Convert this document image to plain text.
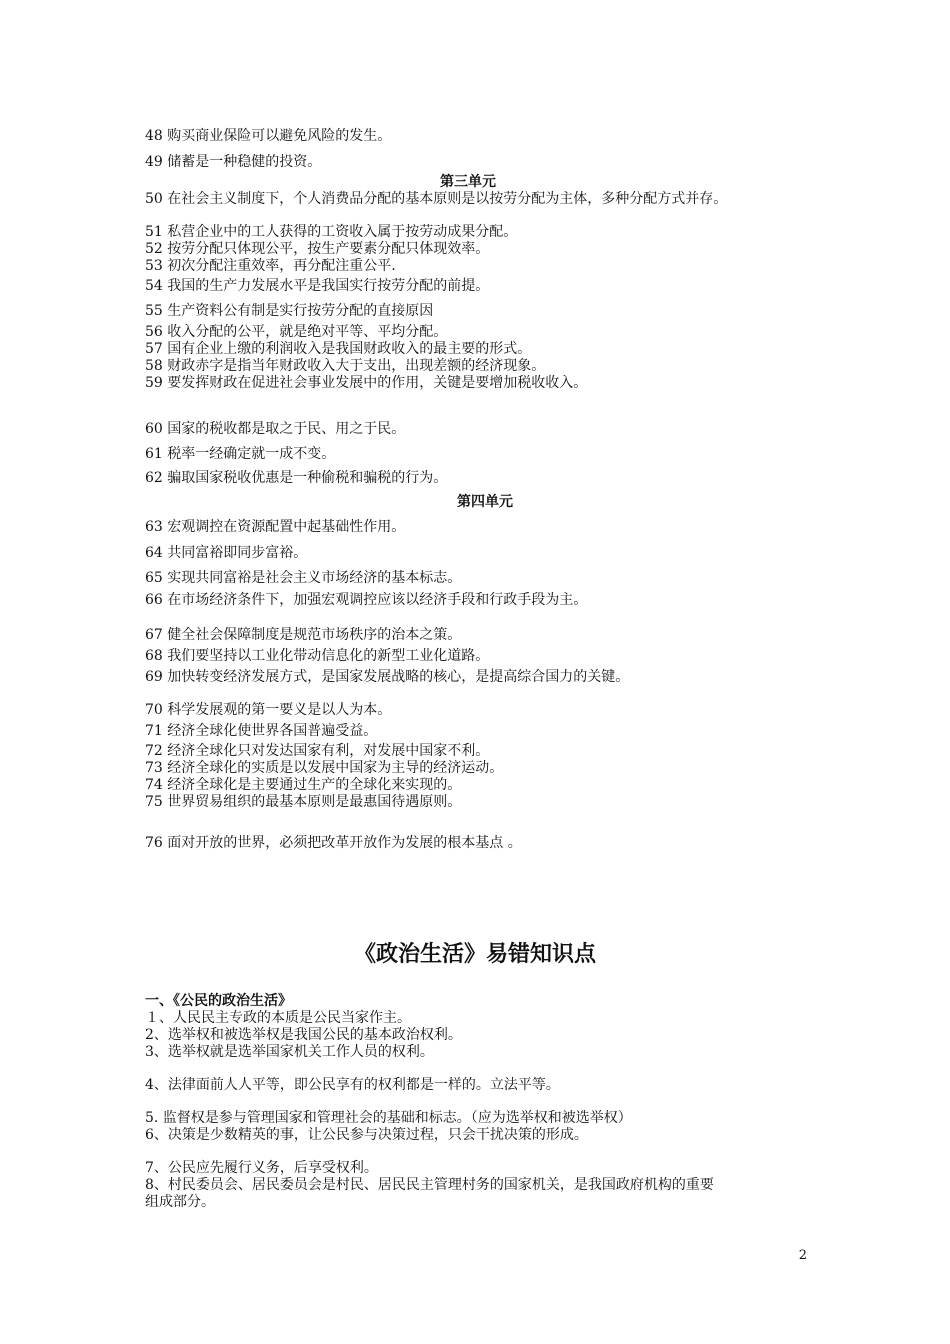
48 购买商业保险可以避免风险的发生。
49 储蓄是一种稳健的投资。
第三单元
50 在社会主义制度下，个人消费品分配的基本原则是以按劳分配为主体，多种分配方式并存。
51 私营企业中的工人获得的工资收入属于按劳动成果分配。
52 按劳分配只体现公平，按生产要素分配只体现效率。
53 初次分配注重效率，再分配注重公平.
54 我国的生产力发展水平是我国实行按劳分配的前提。
55 生产资料公有制是实行按劳分配的直接原因
56 收入分配的公平，就是绝对平等、平均分配。
57 国有企业上缴的利润收入是我国财政收入的最主要的形式。
58 财政赤字是指当年财政收入大于支出，出现差额的经济现象。
59 要发挥财政在促进社会事业发展中的作用，关键是要增加税收收入。
60 国家的税收都是取之于民、用之于民。
61 税率一经确定就一成不变。
62 骗取国家税收优惠是一种偷税和骗税的行为。
第四单元
63 宏观调控在资源配置中起基础性作用。
64 共同富裕即同步富裕。
65 实现共同富裕是社会主义市场经济的基本标志。
66 在市场经济条件下，加强宏观调控应该以经济手段和行政手段为主。
67 健全社会保障制度是规范市场秩序的治本之策。
68 我们要坚持以工业化带动信息化的新型工业化道路。
69 加快转变经济发展方式，是国家发展战略的核心，是提高综合国力的关键。
70 科学发展观的第一要义是以人为本。
71 经济全球化使世界各国普遍受益。
72 经济全球化只对发达国家有利，对发展中国家不利。
73 经济全球化的实质是以发展中国家为主导的经济运动。
74 经济全球化是主要通过生产的全球化来实现的。
75 世界贸易组织的最基本原则是最惠国待遇原则。
76 面对开放的世界，必须把改革开放作为发展的根本基点 。
《政治生活》易错知识点
一、《公民的政治生活》
１、人民民主专政的本质是公民当家作主。
2、选举权和被选举权是我国公民的基本政治权利。
3、选举权就是选举国家机关工作人员的权利。
4、法律面前人人平等，即公民享有的权利都是一样的。立法平等。
5. 监督权是参与管理国家和管理社会的基础和标志。（应为选举权和被选举权）
6、决策是少数精英的事，让公民参与决策过程，只会干扰决策的形成。
7、公民应先履行义务，后享受权利。
8、村民委员会、居民委员会是村民、居民民主管理村务的国家机关，是我国政府机构的重要
组成部分。
2
